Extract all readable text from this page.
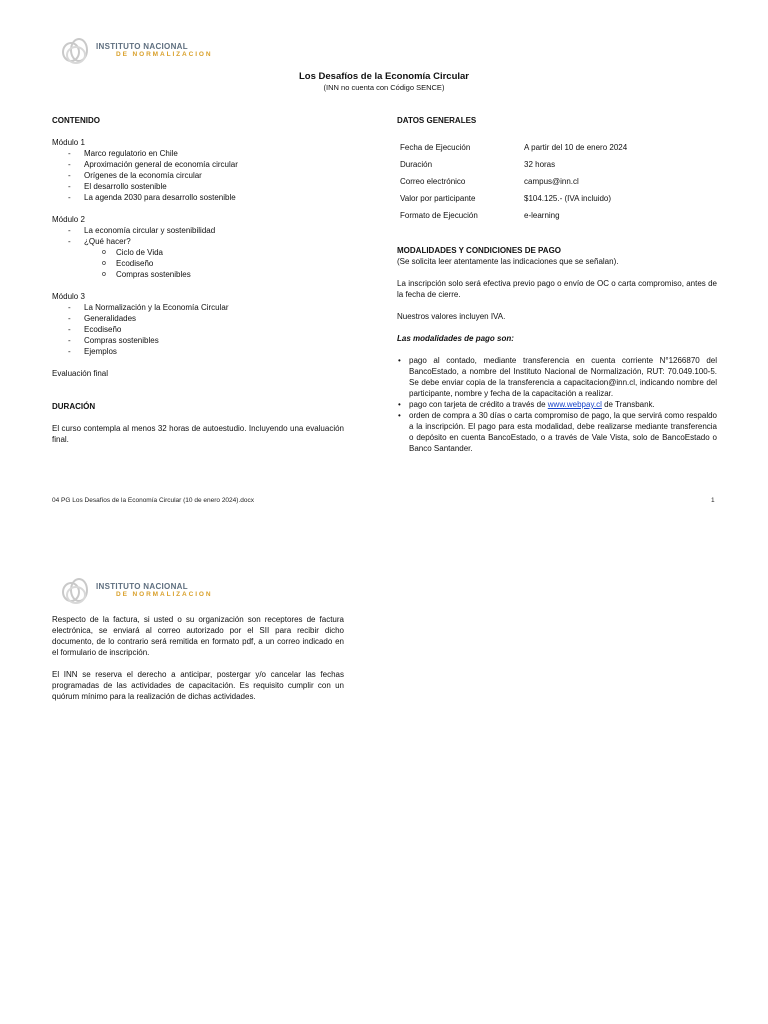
INSTITUTO NACIONAL
DE NORMALIZACION
Los Desafíos de la Economía Circular
(INN no cuenta con Código SENCE)
CONTENIDO
Módulo 1
- Marco regulatorio en Chile
- Aproximación general de economía circular
- Orígenes de la economía circular
- El desarrollo sostenible
- La agenda 2030 para desarrollo sostenible
Módulo 2
- La economía circular y sostenibilidad
- ¿Qué hacer?
o Ciclo de Vida
o Ecodiseño
o Compras sostenibles
Módulo 3
- La Normalización y la Economía Circular
- Generalidades
- Ecodiseño
- Compras sostenibles
- Ejemplos
Evaluación final
DURACIÓN
El curso contempla al menos 32 horas de autoestudio. Incluyendo una evaluación final.
DATOS GENERALES
Fecha de Ejecución	A partir del 10 de enero 2024
Duración	32 horas
Correo electrónico	campus@inn.cl
Valor por participante	$104.125.- (IVA incluido)
Formato de Ejecución	e-learning
MODALIDADES Y CONDICIONES DE PAGO
(Se solicita leer atentamente las indicaciones que se señalan).
La inscripción solo será efectiva previo pago o envío de OC o carta compromiso, antes de la fecha de cierre.
Nuestros valores incluyen IVA.
Las modalidades de pago son:
• pago al contado, mediante transferencia en cuenta corriente N°1266870 del BancoEstado, a nombre del Instituto Nacional de Normalización, RUT: 70.049.100-5. Se debe enviar copia de la transferencia a capacitacion@inn.cl, indicando nombre del participante, nombre y fecha de la capacitación a realizar.
• pago con tarjeta de crédito a través de www.webpay.cl de Transbank.
• orden de compra a 30 días o carta compromiso de pago, la que servirá como respaldo a la inscripción. El pago para esta modalidad, debe realizarse mediante transferencia o depósito en cuenta BancoEstado, o a través de Vale Vista, solo de BancoEstado o Banco Santander.
04 PG Los Desafíos de la Economía Circular (10 de enero 2024).docx	1
INSTITUTO NACIONAL
DE NORMALIZACION
Respecto de la factura, si usted o su organización son receptores de factura electrónica, se enviará al correo autorizado por el SII para recibir dicho documento, de lo contrario será remitida en formato pdf, a un correo indicado en el formulario de inscripción.
El INN se reserva el derecho a anticipar, postergar y/o cancelar las fechas programadas de las actividades de capacitación. Es requisito cumplir con un quórum mínimo para la realización de dichas actividades.
